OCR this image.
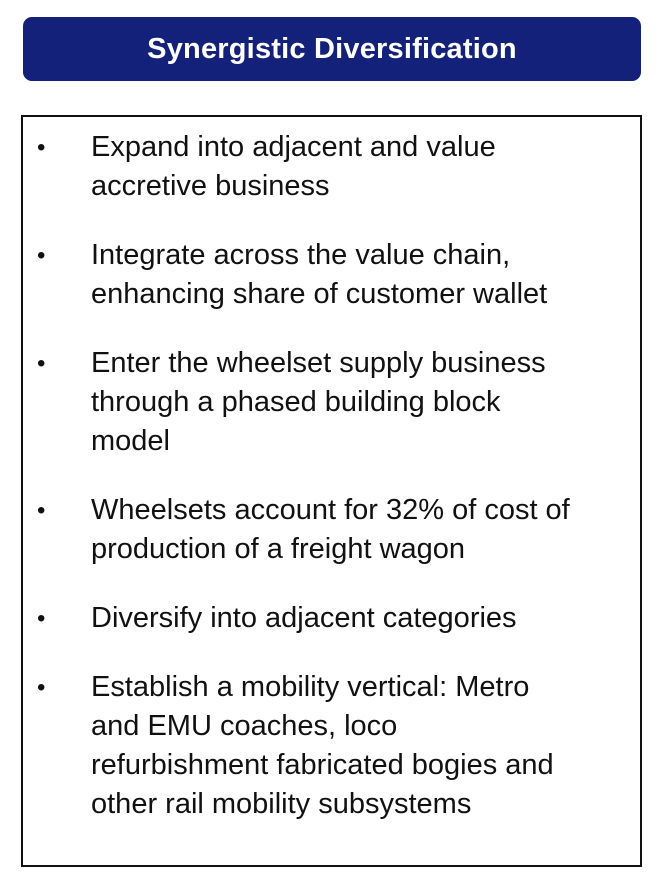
Synergistic Diversification
• Expand into adjacent and value
accretive business
• Integrate across the value chain,
enhancing share of customer wallet
• Enter the wheelset supply business
through a phased building block
model
• Wheelsets account for 32% of cost of
production of a freight wagon
• Diversify into adjacent categories
• Establish a mobility vertical: Metro
and EMU coaches, loco
refurbishment fabricated bogies and
other rail mobility subsystems
